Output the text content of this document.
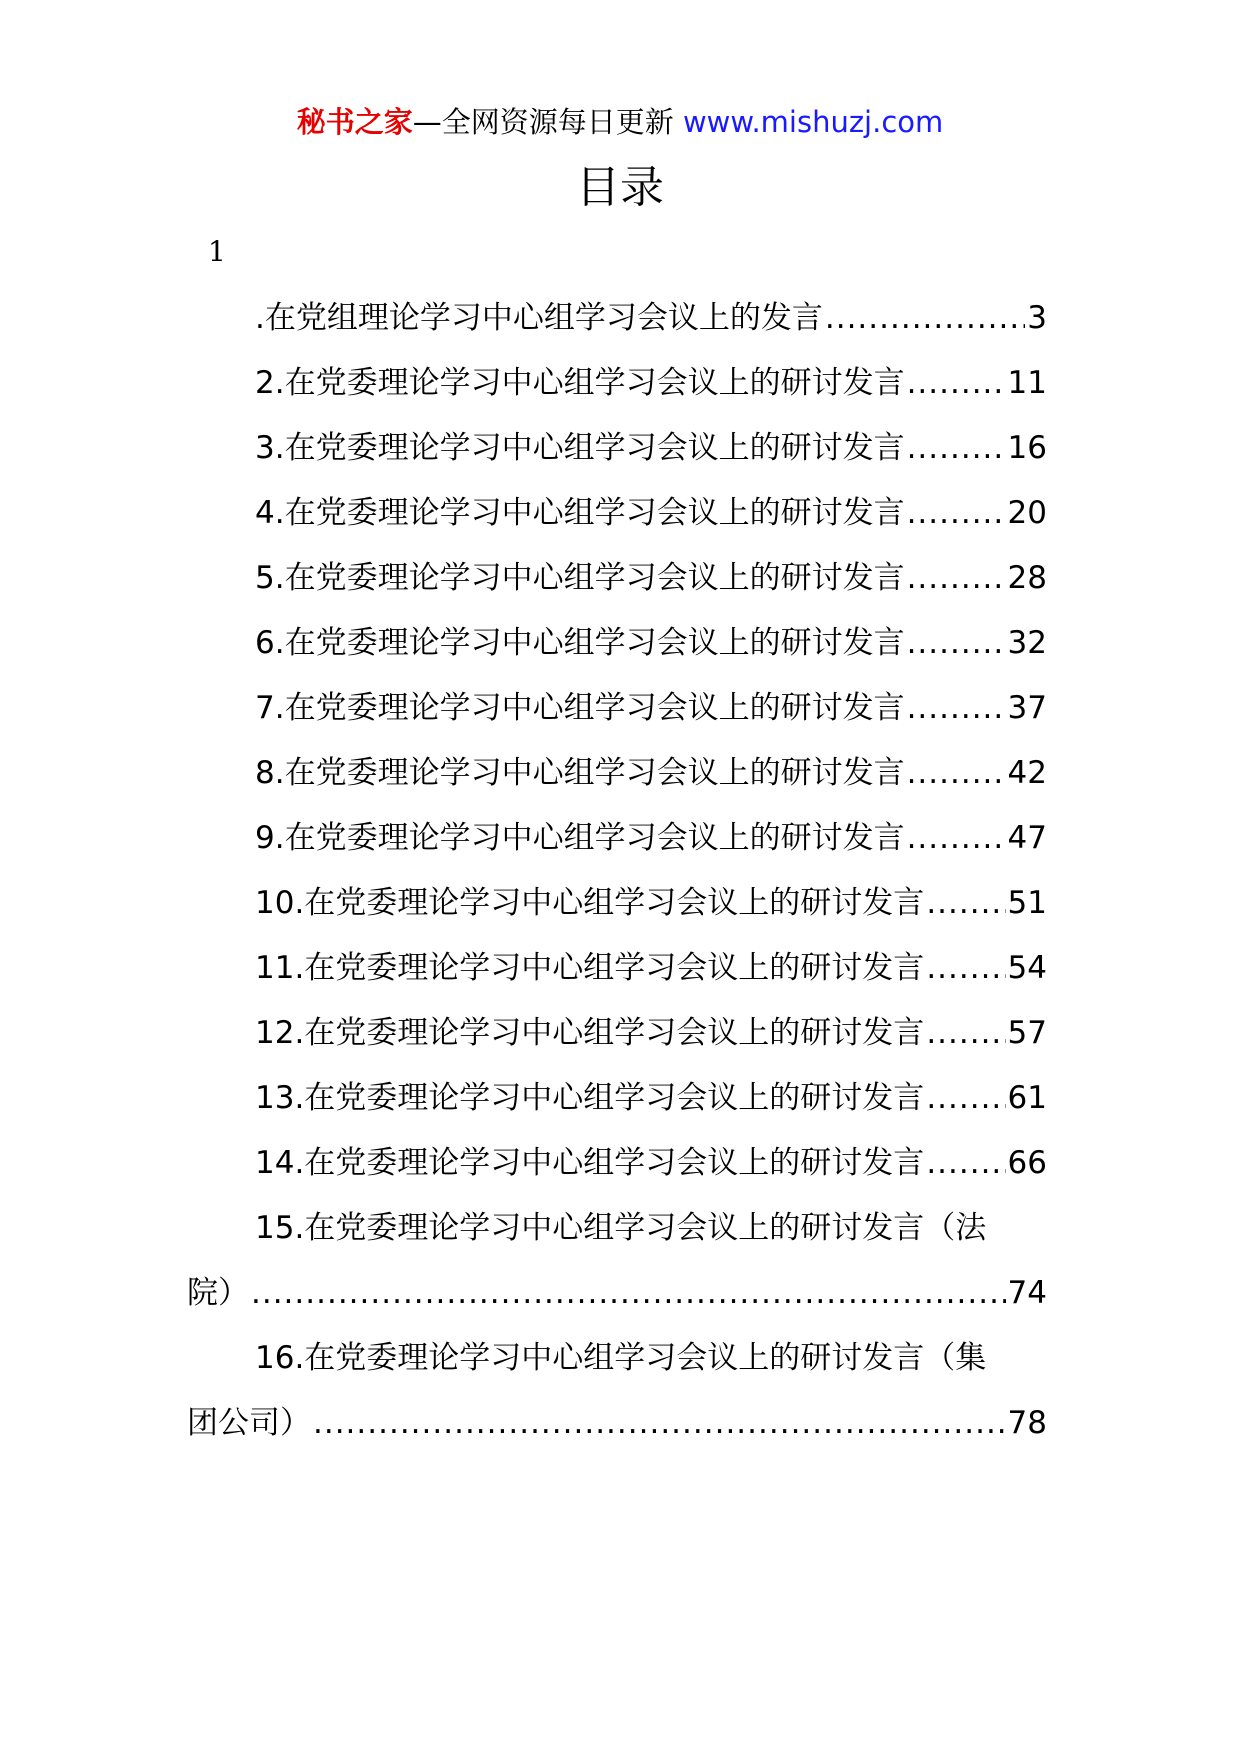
秘书之家—全网资源每日更新 www.mishuzj.com
目录
1
.在党组理论学习中心组学习会议上的发言 .....	3
2.在党委理论学习中心组学习会议上的研讨发言 .....	11
3.在党委理论学习中心组学习会议上的研讨发言 .....	16
4.在党委理论学习中心组学习会议上的研讨发言 .....	20
5.在党委理论学习中心组学习会议上的研讨发言 .....	28
6.在党委理论学习中心组学习会议上的研讨发言 .....	32
7.在党委理论学习中心组学习会议上的研讨发言 .....	37
8.在党委理论学习中心组学习会议上的研讨发言 .....	42
9.在党委理论学习中心组学习会议上的研讨发言 .....	47
10.在党委理论学习中心组学习会议上的研讨发言 .....	51
11.在党委理论学习中心组学习会议上的研讨发言 .....	54
12.在党委理论学习中心组学习会议上的研讨发言 .....	57
13.在党委理论学习中心组学习会议上的研讨发言 .....	61
14.在党委理论学习中心组学习会议上的研讨发言 .....	66
15.在党委理论学习中心组学习会议上的研讨发言（法
院） .....	74
16.在党委理论学习中心组学习会议上的研讨发言（集
团公司） .....	78
